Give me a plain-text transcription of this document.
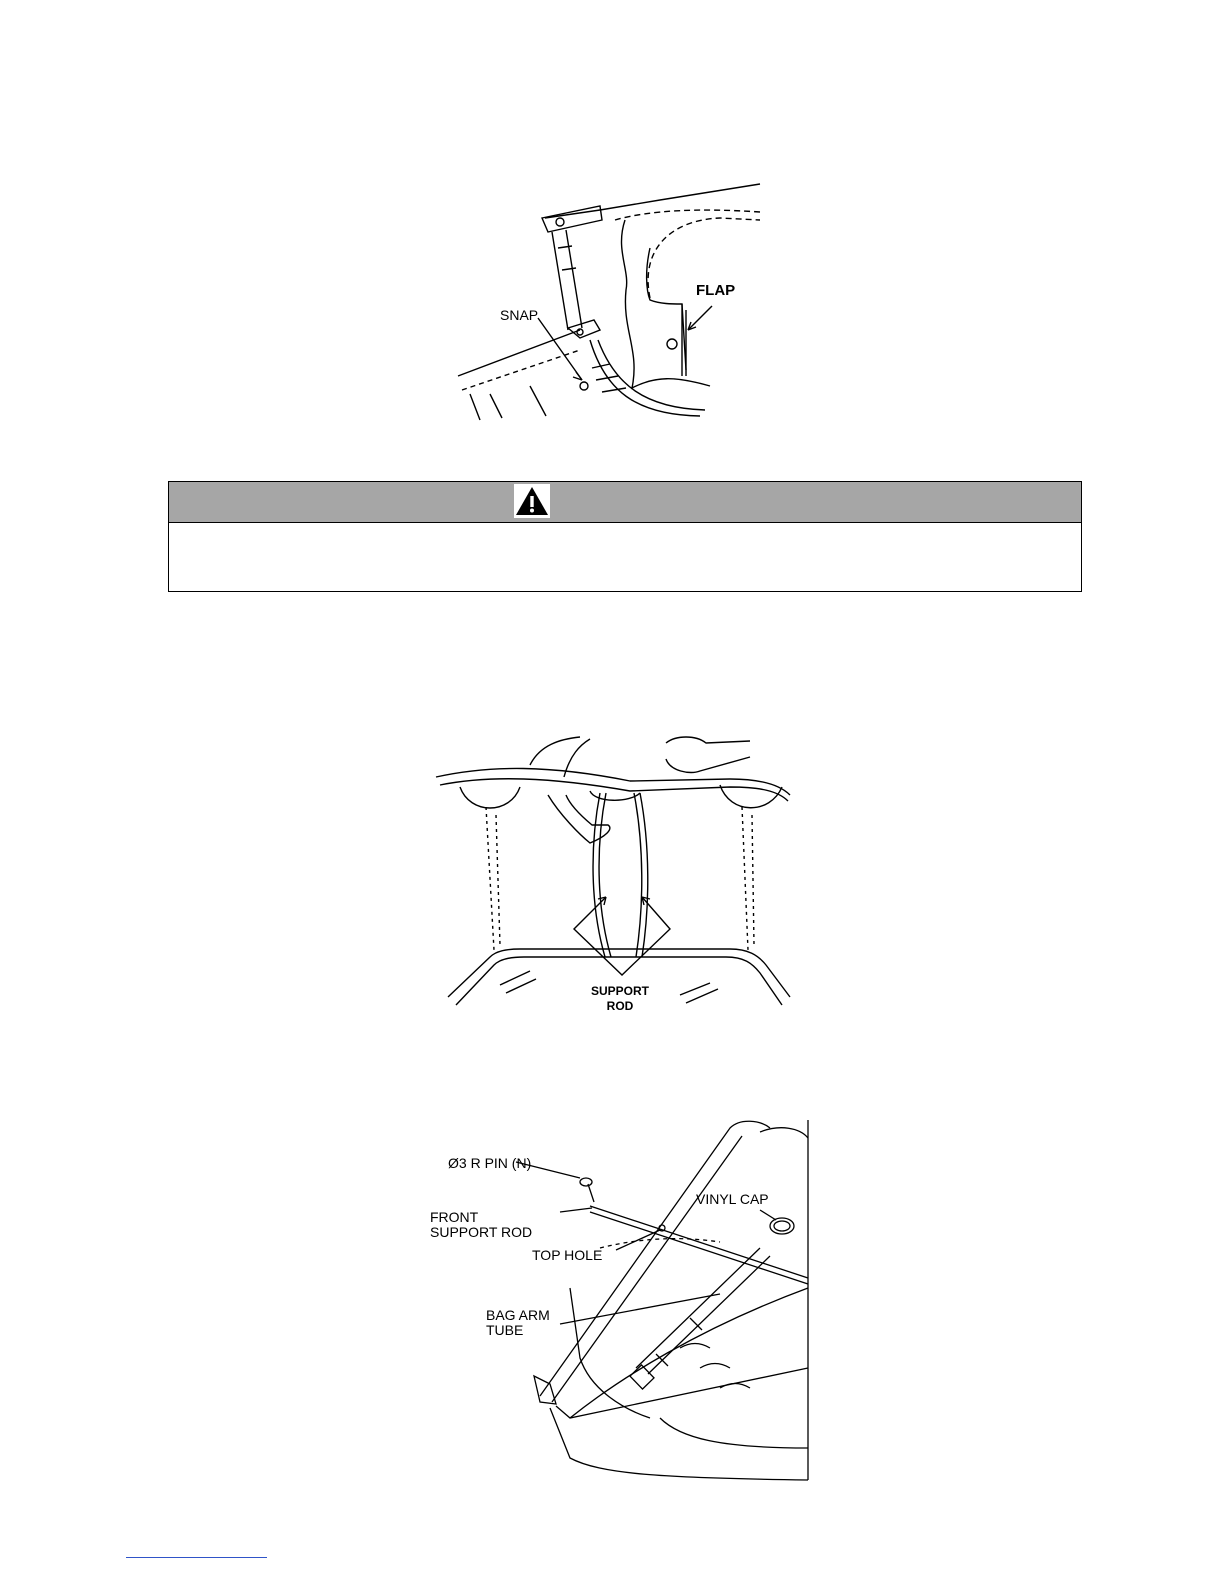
SNAP
FLAP
SUPPORT
ROD
Ø3 R PIN (N)
FRONT
SUPPORT ROD
TOP HOLE
VINYL CAP
BAG ARM
TUBE
